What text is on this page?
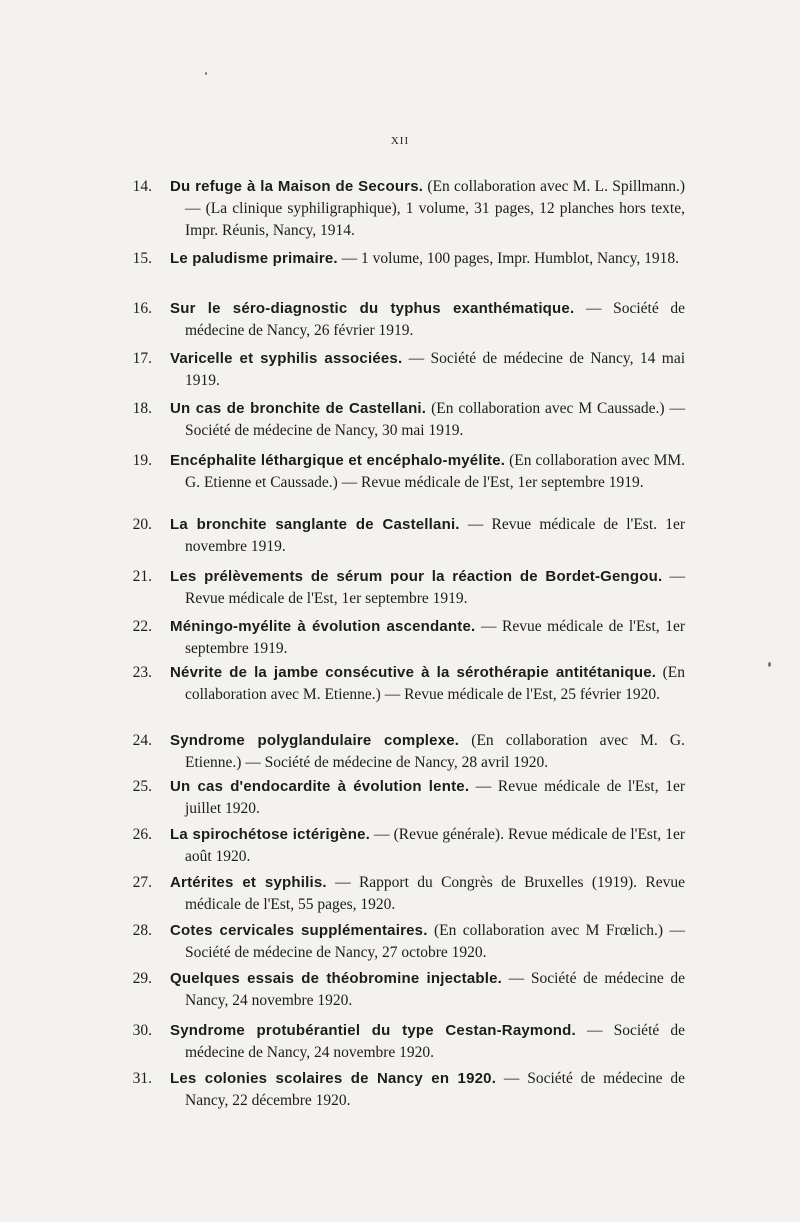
XII
14. Du refuge à la Maison de Secours. (En collaboration avec M. L. Spillmann.) — (La clinique syphiligraphique), 1 volume, 31 pages, 12 planches hors texte, Impr. Réunis, Nancy, 1914.

15. Le paludisme primaire. — 1 volume, 100 pages, Impr. Humblot, Nancy, 1918.

16. Sur le séro-diagnostic du typhus exanthématique. — Société de médecine de Nancy, 26 février 1919.

17. Varicelle et syphilis associées. — Société de médecine de Nancy, 14 mai 1919.

18. Un cas de bronchite de Castellani. (En collaboration avec M Caussade.) — Société de médecine de Nancy, 30 mai 1919.

19. Encéphalite léthargique et encéphalo-myélite. (En collaboration avec MM. G. Etienne et Caussade.) — Revue médicale de l'Est, 1er septembre 1919.

20. La bronchite sanglante de Castellani. — Revue médicale de l'Est. 1er novembre 1919.

21. Les prélèvements de sérum pour la réaction de Bordet-Gengou. — Revue médicale de l'Est, 1er septembre 1919.

22. Méningo-myélite à évolution ascendante. — Revue médicale de l'Est, 1er septembre 1919.

23. Névrite de la jambe consécutive à la sérothérapie antitétanique. (En collaboration avec M. Etienne.) — Revue médicale de l'Est, 25 février 1920.

24. Syndrome polyglandulaire complexe. (En collaboration avec M. G. Etienne.) — Société de médecine de Nancy, 28 avril 1920.

25. Un cas d'endocardite à évolution lente. — Revue médicale de l'Est, 1er juillet 1920.

26. La spirochétose ictérigène. — (Revue générale). Revue médicale de l'Est, 1er août 1920.

27. Artérites et syphilis. — Rapport du Congrès de Bruxelles (1919). Revue médicale de l'Est, 55 pages, 1920.

28. Cotes cervicales supplémentaires. (En collaboration avec M Frœlich.) — Société de médecine de Nancy, 27 octobre 1920.

29. Quelques essais de théobromine injectable. — Société de médecine de Nancy, 24 novembre 1920.

30. Syndrome protubérantiel du type Cestan-Raymond. — Société de médecine de Nancy, 24 novembre 1920.

31. Les colonies scolaires de Nancy en 1920. — Société de médecine de Nancy, 22 décembre 1920.
